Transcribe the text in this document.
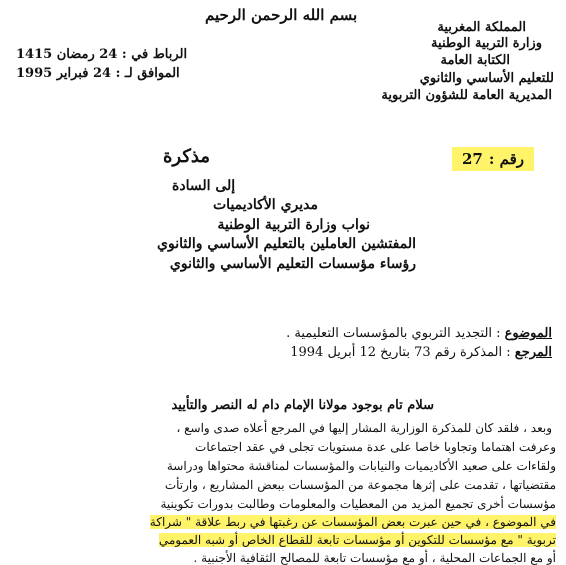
بسم الله الرحمن الرحيم
المملكة المغربية
وزارة التربية الوطنية
الكتابة العامة
للتعليم الأساسي والثانوي
المديرية العامة للشؤون التربوية
الرباط في : 24 رمضان 1415
الموافق لـ : 24 فبراير 1995
رقم :
27
مذكرة
إلى السادة
مديري الأكاديميات
نواب وزارة التربية الوطنية
المفتشين العاملين بالتعليم الأساسي والثانوي
رؤساء مؤسسات التعليم الأساسي والثانوي
الموضوع : التجديد التربوي بالمؤسسات التعليمية .
المرجع : المذكرة رقم 73 بتاريخ 12 أبريل 1994
سلام تام بوجود مولانا الإمام دام له النصر والتأييد
وبعد ، فلقد كان للمذكرة الوزارية المشار إليها في المرجع أعلاه صدى واسع ،
وعرفت اهتماما وتجاوبا خاصا على عدة مستويات تجلى في عقد اجتماعات
ولقاءات على صعيد الأكاديميات والنيابات والمؤسسات لمناقشة محتواها ودراسة
مقتضياتها ، تقدمت على إثرها مجموعة من المؤسسات ببعض المشاريع ، وارتأت
مؤسسات أخرى تجميع المزيد من المعطيات والمعلومات وطالبت بدورات تكوينية
في الموضوع ، في حين عبرت بعض المؤسسات عن رغبتها في ربط علاقة " شراكة
تربوية " مع مؤسسات للتكوين أو مؤسسات تابعة للقطاع الخاص أو شبه العمومي
أو مع الجماعات المحلية ، أو مع مؤسسات تابعة للمصالح الثقافية الأجنبية .
